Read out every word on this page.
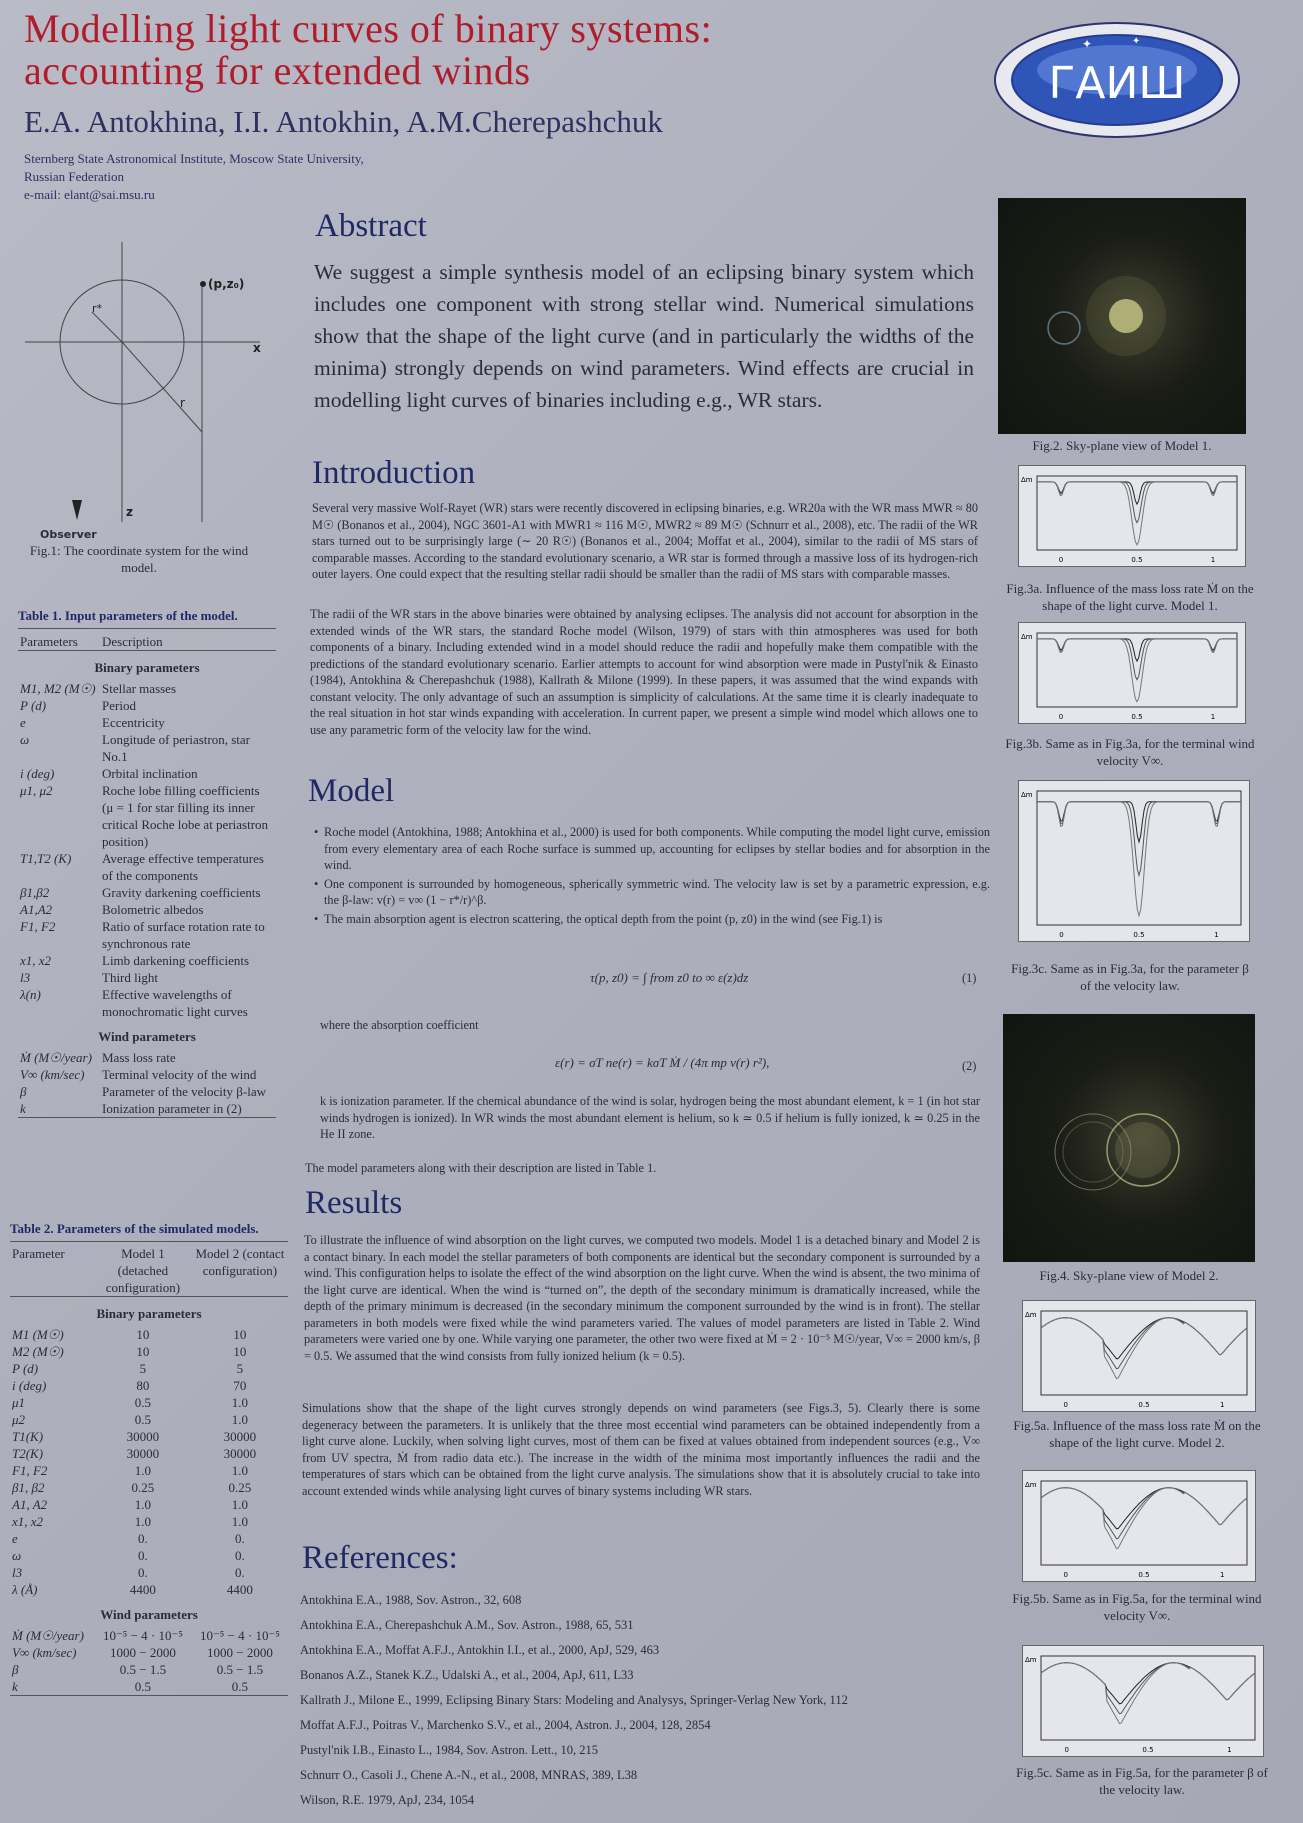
Modelling light curves of binary systems:
accounting for extended winds
E.A. Antokhina, I.I. Antokhin, A.M.Cherepashchuk
Sternberg State Astronomical Institute, Moscow State University,
Russian Federation
e-mail: elant@sai.msu.ru
ГАИШ
✦	✦
(p,z₀)
r*
r
x
z
Observer
Fig.1: The coordinate system for the wind model.
Table 1. Input parameters of the model.
Parameters	Description
Binary parameters	
M1, M2 (M☉)	Stellar masses
P (d)	Period
e	Eccentricity
ω	Longitude of periastron, star No.1
i (deg)	Orbital inclination
μ1, μ2	Roche lobe filling coefficients (μ = 1 for star filling its inner critical Roche lobe at periastron position)
T1,T2 (K)	Average effective temperatures of the components
β1,β2	Gravity darkening coefficients
A1,A2	Bolometric albedos
F1, F2	Ratio of surface rotation rate to synchronous rate
x1, x2	Limb darkening coefficients
l3	Third light
λ(n)	Effective wavelengths of monochromatic light curves
Wind parameters	
Ṁ (M☉/year)	Mass loss rate
V∞ (km/sec)	Terminal velocity of the wind
β	Parameter of the velocity β-law
k	Ionization parameter in (2)

Table 2. Parameters of the simulated models.
Parameter	Model 1 (detached configuration)	Model 2 (contact configuration)
Binary parameters		
M1 (M☉)	10	10
M2 (M☉)	10	10
P (d)	5	5
i (deg)	80	70
μ1	0.5	1.0
μ2	0.5	1.0
T1(K)	30000	30000
T2(K)	30000	30000
F1, F2	1.0	1.0
β1, β2	0.25	0.25
A1, A2	1.0	1.0
x1, x2	1.0	1.0
e	0.	0.
ω	0.	0.
l3	0.	0.
λ (Å)	4400	4400
Wind parameters		
Ṁ (M☉/year)	10⁻⁵ − 4 · 10⁻⁵	10⁻⁵ − 4 · 10⁻⁵
V∞ (km/sec)	1000 − 2000	1000 − 2000
β	0.5 − 1.5	0.5 − 1.5
k	0.5	0.5

Abstract
We suggest a simple synthesis model of an eclipsing binary system which includes one component with strong stellar wind. Numerical simulations show that the shape of the light curve (and in particularly the widths of the minima) strongly depends on wind parameters. Wind effects are crucial in modelling light curves of binaries including e.g., WR stars.
Introduction
Several very massive Wolf-Rayet (WR) stars were recently discovered in eclipsing binaries, e.g. WR20a with the WR mass MWR ≈ 80 M☉ (Bonanos et al., 2004), NGC 3601-A1 with MWR1 ≈ 116 M☉, MWR2 ≈ 89 M☉ (Schnurr et al., 2008), etc. The radii of the WR stars turned out to be surprisingly large (∼ 20 R☉) (Bonanos et al., 2004; Moffat et al., 2004), similar to the radii of MS stars of comparable masses. According to the standard evolutionary scenario, a WR star is formed through a massive loss of its hydrogen-rich outer layers. One could expect that the resulting stellar radii should be smaller than the radii of MS stars with comparable masses.
The radii of the WR stars in the above binaries were obtained by analysing eclipses. The analysis did not account for absorption in the extended winds of the WR stars, the standard Roche model (Wilson, 1979) of stars with thin atmospheres was used for both components of a binary. Including extended wind in a model should reduce the radii and hopefully make them compatible with the predictions of the standard evolutionary scenario. Earlier attempts to account for wind absorption were made in Pustyl'nik & Einasto (1984), Antokhina & Cherepashchuk (1988), Kallrath & Milone (1999). In these papers, it was assumed that the wind expands with constant velocity. The only advantage of such an assumption is simplicity of calculations. At the same time it is clearly inadequate to the real situation in hot star winds expanding with acceleration. In current paper, we present a simple wind model which allows one to use any parametric form of the velocity law for the wind.
Model
• Roche model (Antokhina, 1988; Antokhina et al., 2000) is used for both components. While computing the model light curve, emission from every elementary area of each Roche surface is summed up, accounting for eclipses by stellar bodies and for absorption in the wind.
• One component is surrounded by homogeneous, spherically symmetric wind. The velocity law is set by a parametric expression, e.g. the β-law: v(r) = v∞ (1 − r*/r)^β.
• The main absorption agent is electron scattering, the optical depth from the point (p, z0) in the wind (see Fig.1) is
τ(p, z0) = ∫ from z0 to ∞ ε(z)dz	(1)
where the absorption coefficient
ε(r) = σT ne(r) = kσT Ṁ / (4π mp v(r) r²),	(2)
k is ionization parameter. If the chemical abundance of the wind is solar, hydrogen being the most abundant element, k = 1 (in hot star winds hydrogen is ionized). In WR winds the most abundant element is helium, so k ≃ 0.5 if helium is fully ionized, k ≃ 0.25 in the He II zone.
The model parameters along with their description are listed in Table 1.
Results
To illustrate the influence of wind absorption on the light curves, we computed two models. Model 1 is a detached binary and Model 2 is a contact binary. In each model the stellar parameters of both components are identical but the secondary component is surrounded by a wind. This configuration helps to isolate the effect of the wind absorption on the light curve. When the wind is absent, the two minima of the light curve are identical. When the wind is “turned on”, the depth of the secondary minimum is dramatically increased, while the depth of the primary minimum is decreased (in the secondary minimum the component surrounded by the wind is in front). The stellar parameters in both models were fixed while the wind parameters varied. The values of model parameters are listed in Table 2. Wind parameters were varied one by one. While varying one parameter, the other two were fixed at Ṁ = 2 · 10⁻⁵ M☉/year, V∞ = 2000 km/s, β = 0.5. We assumed that the wind consists from fully ionized helium (k = 0.5).
Simulations show that the shape of the light curves strongly depends on wind parameters (see Figs.3, 5). Clearly there is some degeneracy between the parameters. It is unlikely that the three most eccential wind parameters can be obtained independently from a light curve alone. Luckily, when solving light curves, most of them can be fixed at values obtained from independent sources (e.g., V∞ from UV spectra, Ṁ from radio data etc.). The increase in the width of the minima most importantly influences the radii and the temperatures of stars which can be obtained from the light curve analysis. The simulations show that it is absolutely crucial to take into account extended winds while analysing light curves of binary systems including WR stars.
References:
Antokhina E.A., 1988, Sov. Astron., 32, 608
Antokhina E.A., Cherepashchuk A.M., Sov. Astron., 1988, 65, 531
Antokhina E.A., Moffat A.F.J., Antokhin I.I., et al., 2000, ApJ, 529, 463
Bonanos A.Z., Stanek K.Z., Udalski A., et al., 2004, ApJ, 611, L33
Kallrath J., Milone E., 1999, Eclipsing Binary Stars: Modeling and Analysys, Springer-Verlag New York, 112
Moffat A.F.J., Poitras V., Marchenko S.V., et al., 2004, Astron. J., 2004, 128, 2854
Pustyl'nik I.B., Einasto L., 1984, Sov. Astron. Lett., 10, 215
Schnurr O., Casoli J., Chene A.-N., et al., 2008, MNRAS, 389, L38
Wilson, R.E. 1979, ApJ, 234, 1054
Fig.2. Sky-plane view of Model 1.
Δm
0	0.5	1
Fig.3a. Influence of the mass loss rate Ṁ on the shape of the light curve. Model 1.
Δm
0	0.5	1
Fig.3b. Same as in Fig.3a, for the terminal wind velocity V∞.
Δm
0	0.5	1
Fig.3c. Same as in Fig.3a, for the parameter β of the velocity law.
Fig.4. Sky-plane view of Model 2.
Δm
0	0.5	1
Fig.5a. Influence of the mass loss rate Ṁ on the shape of the light curve. Model 2.
Δm
0	0.5	1
Fig.5b. Same as in Fig.5a, for the terminal wind velocity V∞.
Δm
0	0.5	1
Fig.5c. Same as in Fig.5a, for the parameter β of the velocity law.
